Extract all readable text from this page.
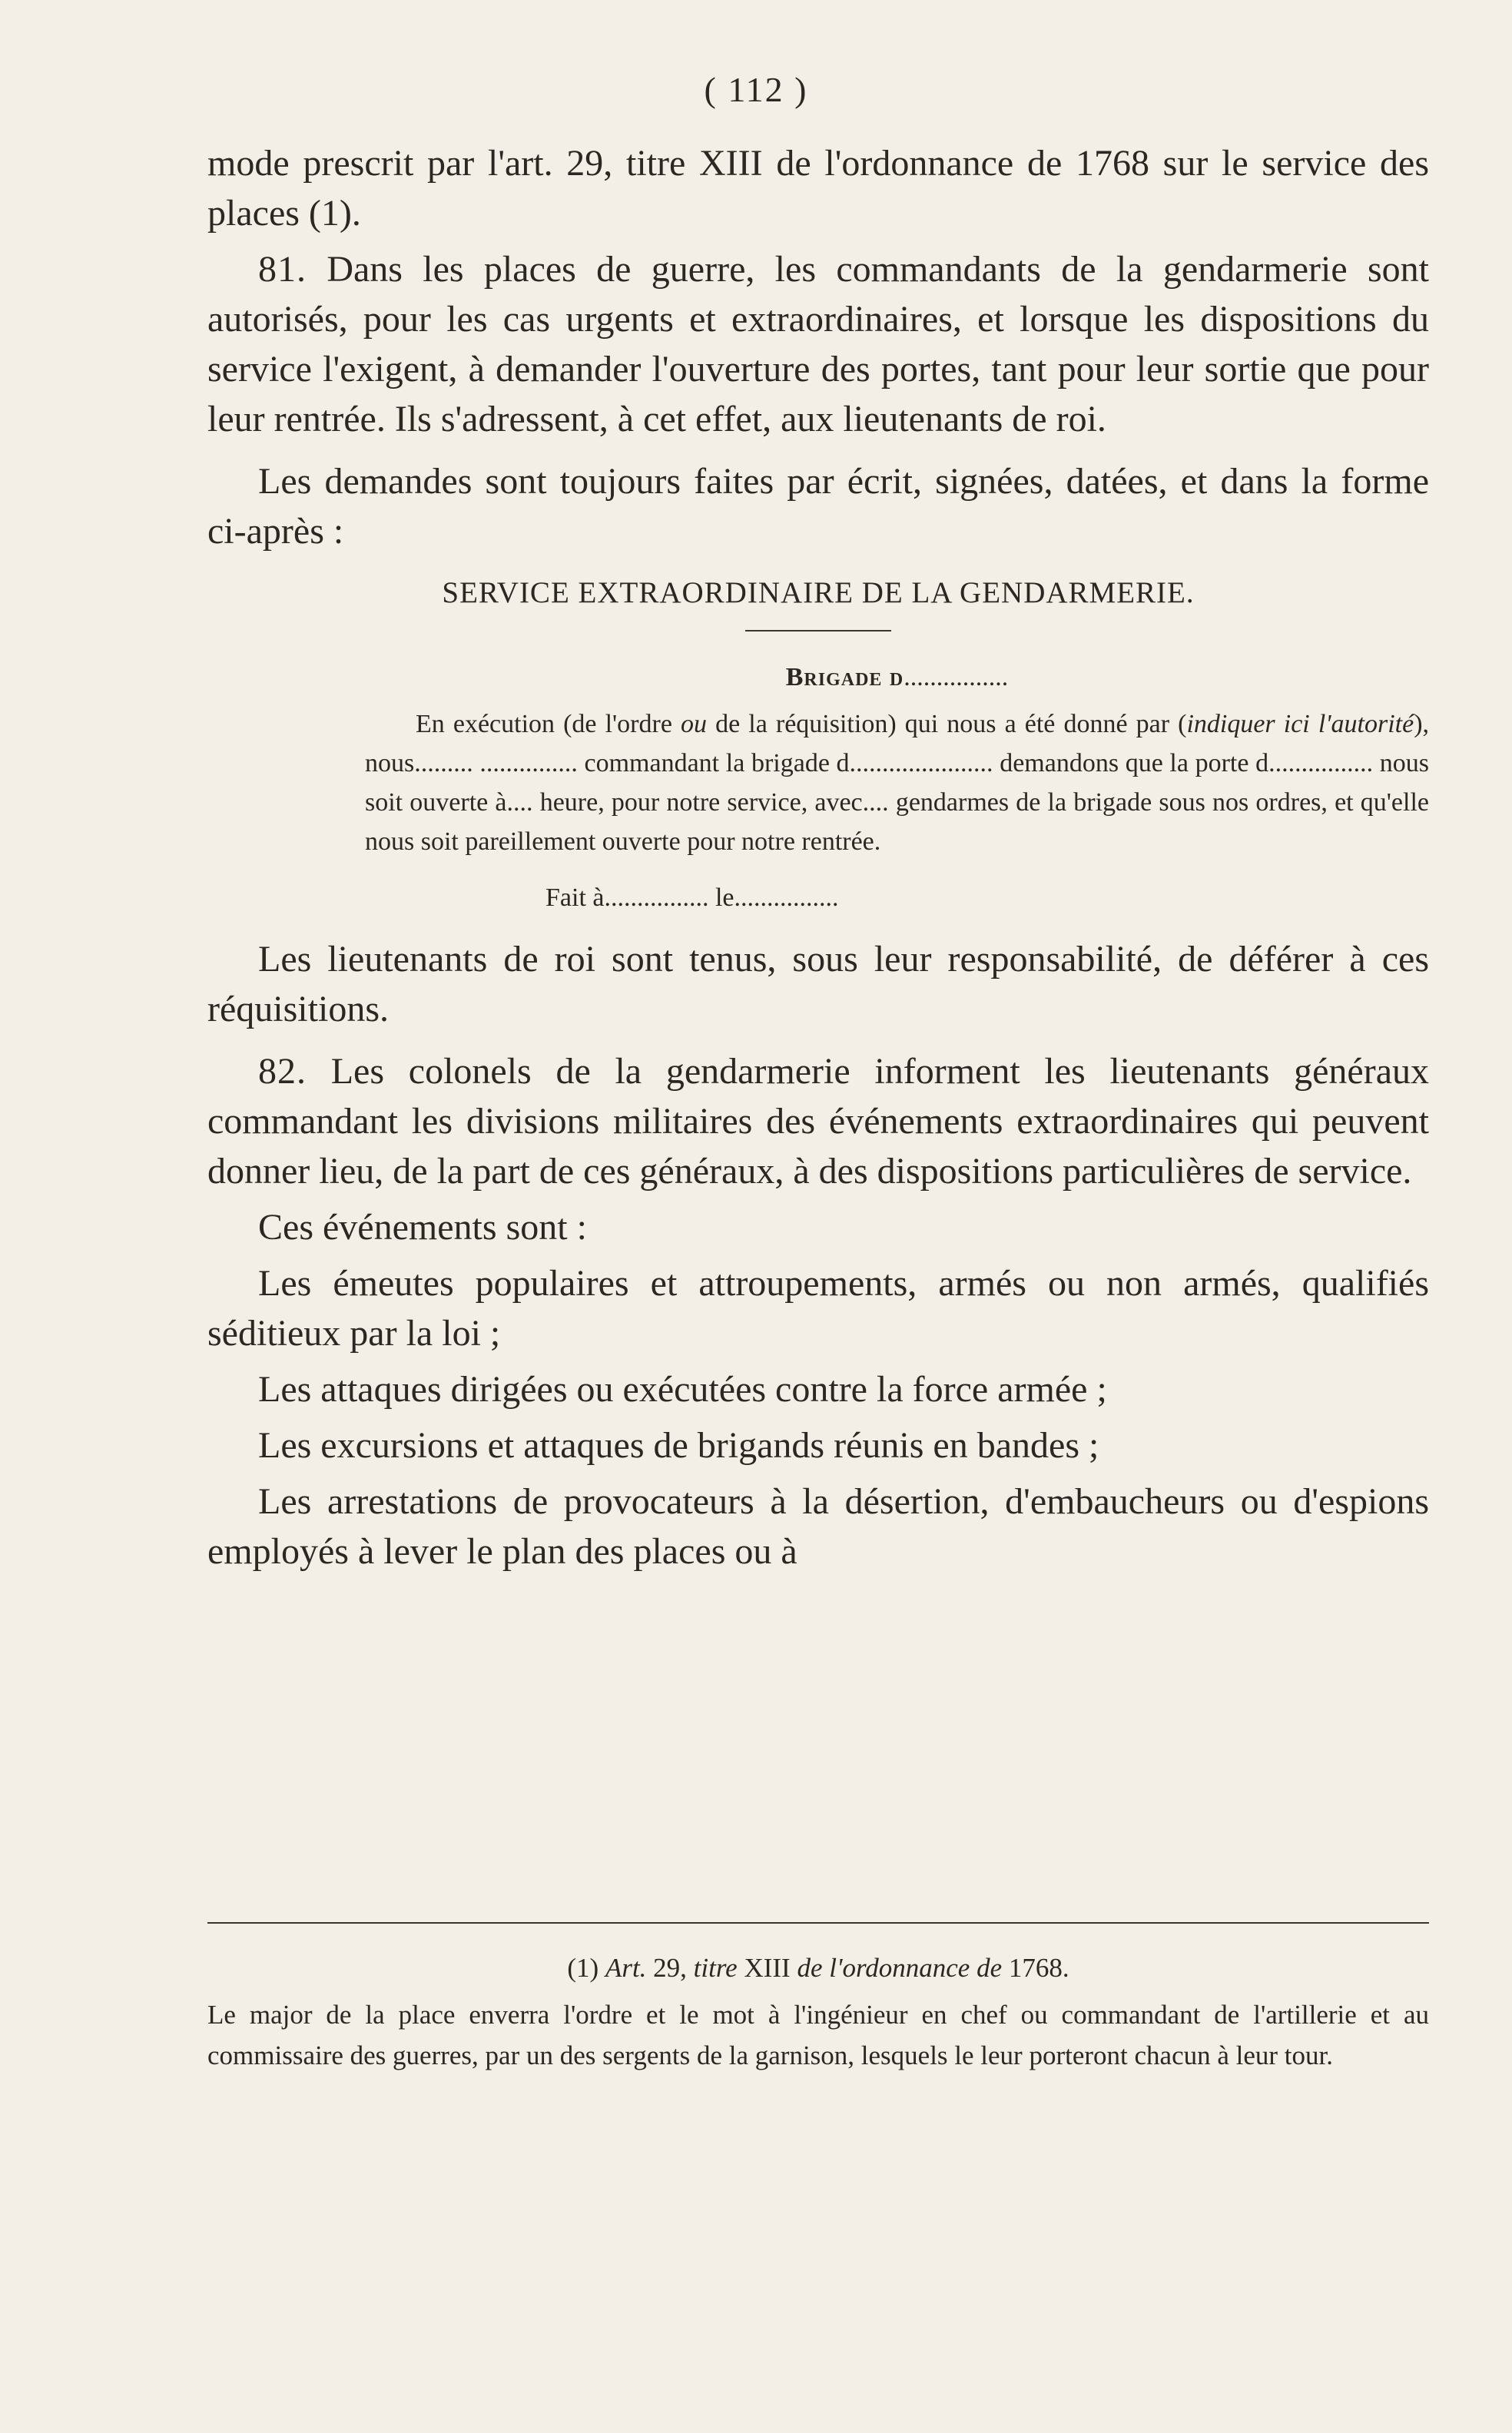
( 112 )

mode prescrit par l'art. 29, titre XIII de l'ordonnance de 1768 sur le service des places (1).

81. Dans les places de guerre, les commandants de la gendarmerie sont autorisés, pour les cas urgents et extraordinaires, et lorsque les dispositions du service l'exigent, à demander l'ouverture des portes, tant pour leur sortie que pour leur rentrée. Ils s'adressent, à cet effet, aux lieutenants de roi.

Les demandes sont toujours faites par écrit, signées, datées, et dans la forme ci-après :

SERVICE EXTRAORDINAIRE DE LA GENDARMERIE.
Brigade d................

En exécution (de l'ordre ou de la réquisition) qui nous a été donné par (indiquer ici l'autorité), nous......... ............... commandant la brigade d...................... demandons que la porte d................ nous soit ouverte à.... heure, pour notre service, avec.... gendarmes de la brigade sous nos ordres, et qu'elle nous soit pareillement ouverte pour notre rentrée.

Fait à................ le................

Les lieutenants de roi sont tenus, sous leur responsabilité, de déférer à ces réquisitions.

82. Les colonels de la gendarmerie informent les lieutenants généraux commandant les divisions militaires des événements extraordinaires qui peuvent donner lieu, de la part de ces généraux, à des dispositions particulières de service.

Ces événements sont :

Les émeutes populaires et attroupements, armés ou non armés, qualifiés séditieux par la loi ;

Les attaques dirigées ou exécutées contre la force armée ;

Les excursions et attaques de brigands réunis en bandes ;

Les arrestations de provocateurs à la désertion, d'embaucheurs ou d'espions employés à lever le plan des places ou à

(1) Art. 29, titre XIII de l'ordonnance de 1768.
Le major de la place enverra l'ordre et le mot à l'ingénieur en chef ou commandant de l'artillerie et au commissaire des guerres, par un des sergents de la garnison, lesquels le leur porteront chacun à leur tour.
